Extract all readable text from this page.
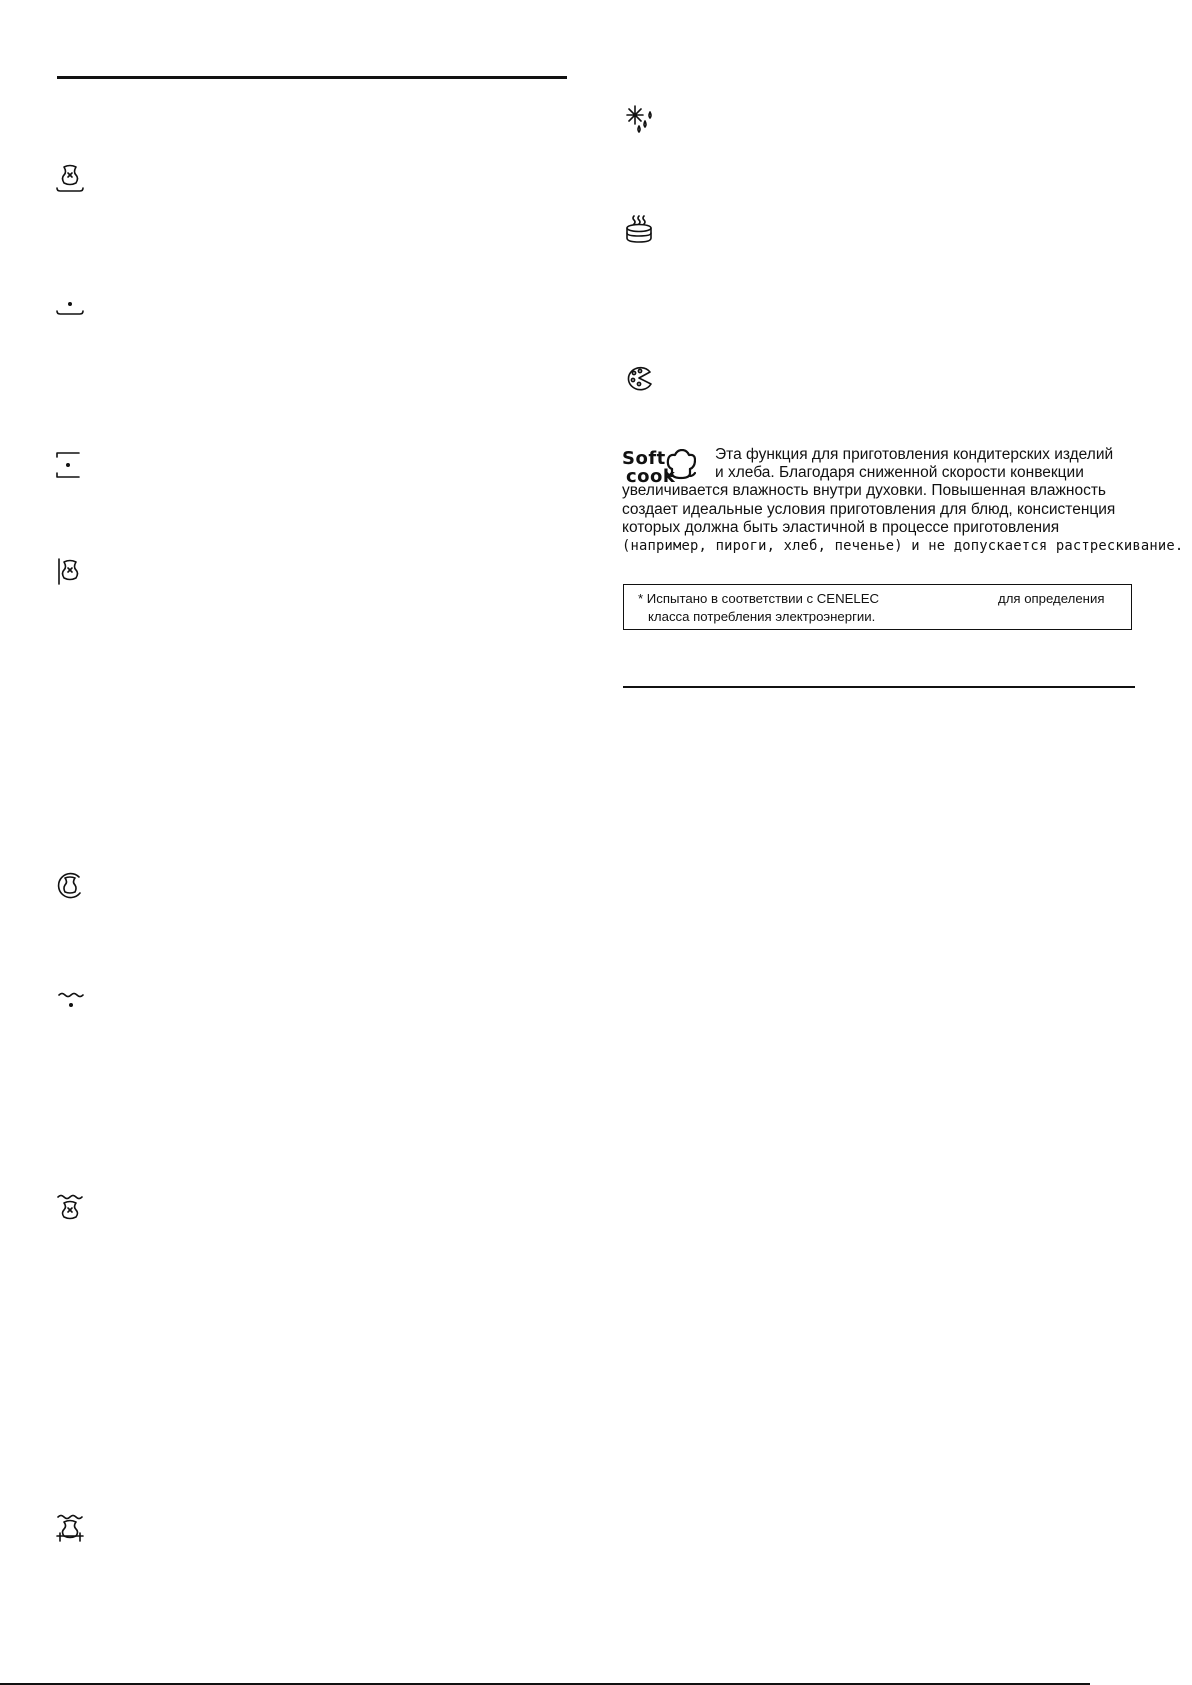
Soft
cook
Эта функция для приготовления кондитерских изделий
и хлеба. Благодаря сниженной скорости конвекции
увеличивается влажность внутри духовки. Повышенная влажность
создает идеальные условия приготовления для блюд, консистенция
которых должна быть эластичной в процессе приготовления
(например, пироги, хлеб, печенье) и не допускается растрескивание.
* Испытано в соответствии с CENELEC	для определения
класса потребления электроэнергии.
